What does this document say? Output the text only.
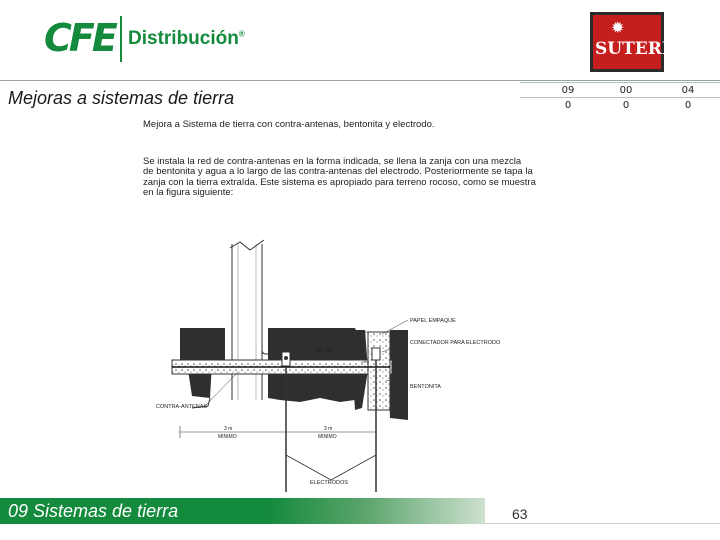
CFE Distribución®	✹
SUTERM
Mejoras a sistemas de tierra	09	00	04
0	0	0
Mejora a Sistema de tierra con contra-antenas, bentonita y electrodo.
Se instala la red de contra-antenas en la forma indicada, se llena la zanja con una mezcla
de bentonita y agua a lo largo de las contra-antenas del electrodo. Posteriormente se tapa la
zanja con la tierra extraída. Este sistema es apropiado para terreno rocoso, como se muestra
en la figura siguiente:
45 cm
PAPEL EMPAQUE
CONECTADOR PARA ELECTRODO
BENTONITA
CONTRA-ANTENAS
3 m
MINIMO
3 m
MINIMO
ELECTRODOS
09 Sistemas de tierra	63
